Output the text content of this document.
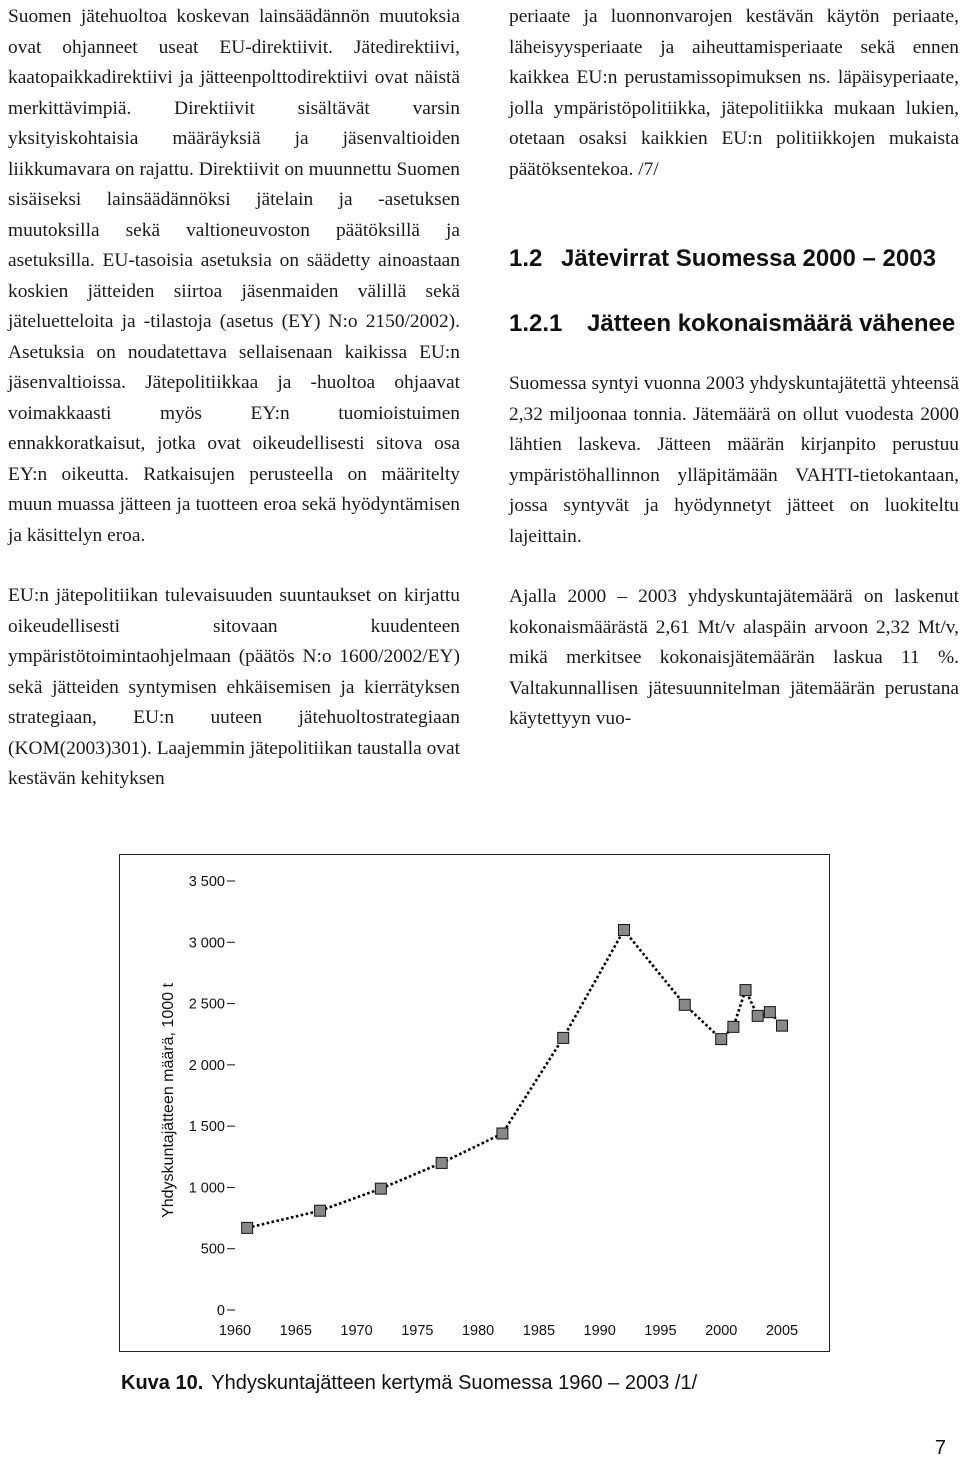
Suomen jätehuoltoa koskevan lainsäädännön muutoksia ovat ohjanneet useat EU-direktiivit. Jätedirektiivi, kaatopaikkadirektiivi ja jätteenpolttodirektiivi ovat näistä merkittävimpiä. Direktiivit sisältävät varsin yksityiskohtaisia määräyksiä ja jäsenvaltioiden liikkumavara on rajattu. Direktiivit on muunnettu Suomen sisäiseksi lainsäädännöksi jätelain ja -asetuksen muutoksilla sekä valtioneuvoston päätöksillä ja asetuksilla. EU-tasoisia asetuksia on säädetty ainoastaan koskien jätteiden siirtoa jäsenmaiden välillä sekä jäteluetteloita ja -tilastoja (asetus (EY) N:o 2150/2002). Asetuksia on noudatettava sellaisenaan kaikissa EU:n jäsenvaltioissa. Jätepolitiikkaa ja -huoltoa ohjaavat voimakkaasti myös EY:n tuomioistuimen ennakkoratkaisut, jotka ovat oikeudellisesti sitova osa EY:n oikeutta. Ratkaisujen perusteella on määritelty muun muassa jätteen ja tuotteen eroa sekä hyödyntämisen ja käsittelyn eroa.

EU:n jätepolitiikan tulevaisuuden suuntaukset on kirjattu oikeudellisesti sitovaan kuudenteen ympäristötoimintaohjelmaan (päätös N:o 1600/2002/EY) sekä jätteiden syntymisen ehkäisemisen ja kierrätyksen strategiaan, EU:n uuteen jätehuoltostrategiaan (KOM(2003)301). Laajemmin jätepolitiikan taustalla ovat kestävän kehityksen

periaate ja luonnonvarojen kestävän käytön periaate, läheisyysperiaate ja aiheuttamisperiaate sekä ennen kaikkea EU:n perustamissopimuksen ns. läpäisyperiaate, jolla ympäristöpolitiikka, jätepolitiikka mukaan lukien, otetaan osaksi kaikkien EU:n politiikkojen mukaista päätöksentekoa. /7/

1.2 Jätevirrat Suomessa 2000 – 2003
1.2.1	Jätteen kokonaismäärä vähenee

Suomessa syntyi vuonna 2003 yhdyskuntajätettä yhteensä 2,32 miljoonaa tonnia. Jätemäärä on ollut vuodesta 2000 lähtien laskeva. Jätteen määrän kirjanpito perustuu ympäristöhallinnon ylläpitämään VAHTI-tietokantaan, jossa syntyvät ja hyödynnetyt jätteet on luokiteltu lajeittain.

Ajalla 2000 – 2003 yhdyskuntajätemäärä on laskenut kokonaismäärästä 2,61 Mt/v alaspäin arvoon 2,32 Mt/v, mikä merkitsee kokonaisjätemäärän laskua 11 %. Valtakunnallisen jätesuunnitelman jätemäärän perustana käytettyyn vuo-

0
500
1 000
1 500
2 000
2 500
3 000
3 500
1960 1965 1970 1975 1980 1985 1990 1995 2000 2005
Yhdyskuntajätteen määrä, 1000 t
Kuva 10. Yhdyskuntajätteen kertymä Suomessa 1960 – 2003 /1/
7
